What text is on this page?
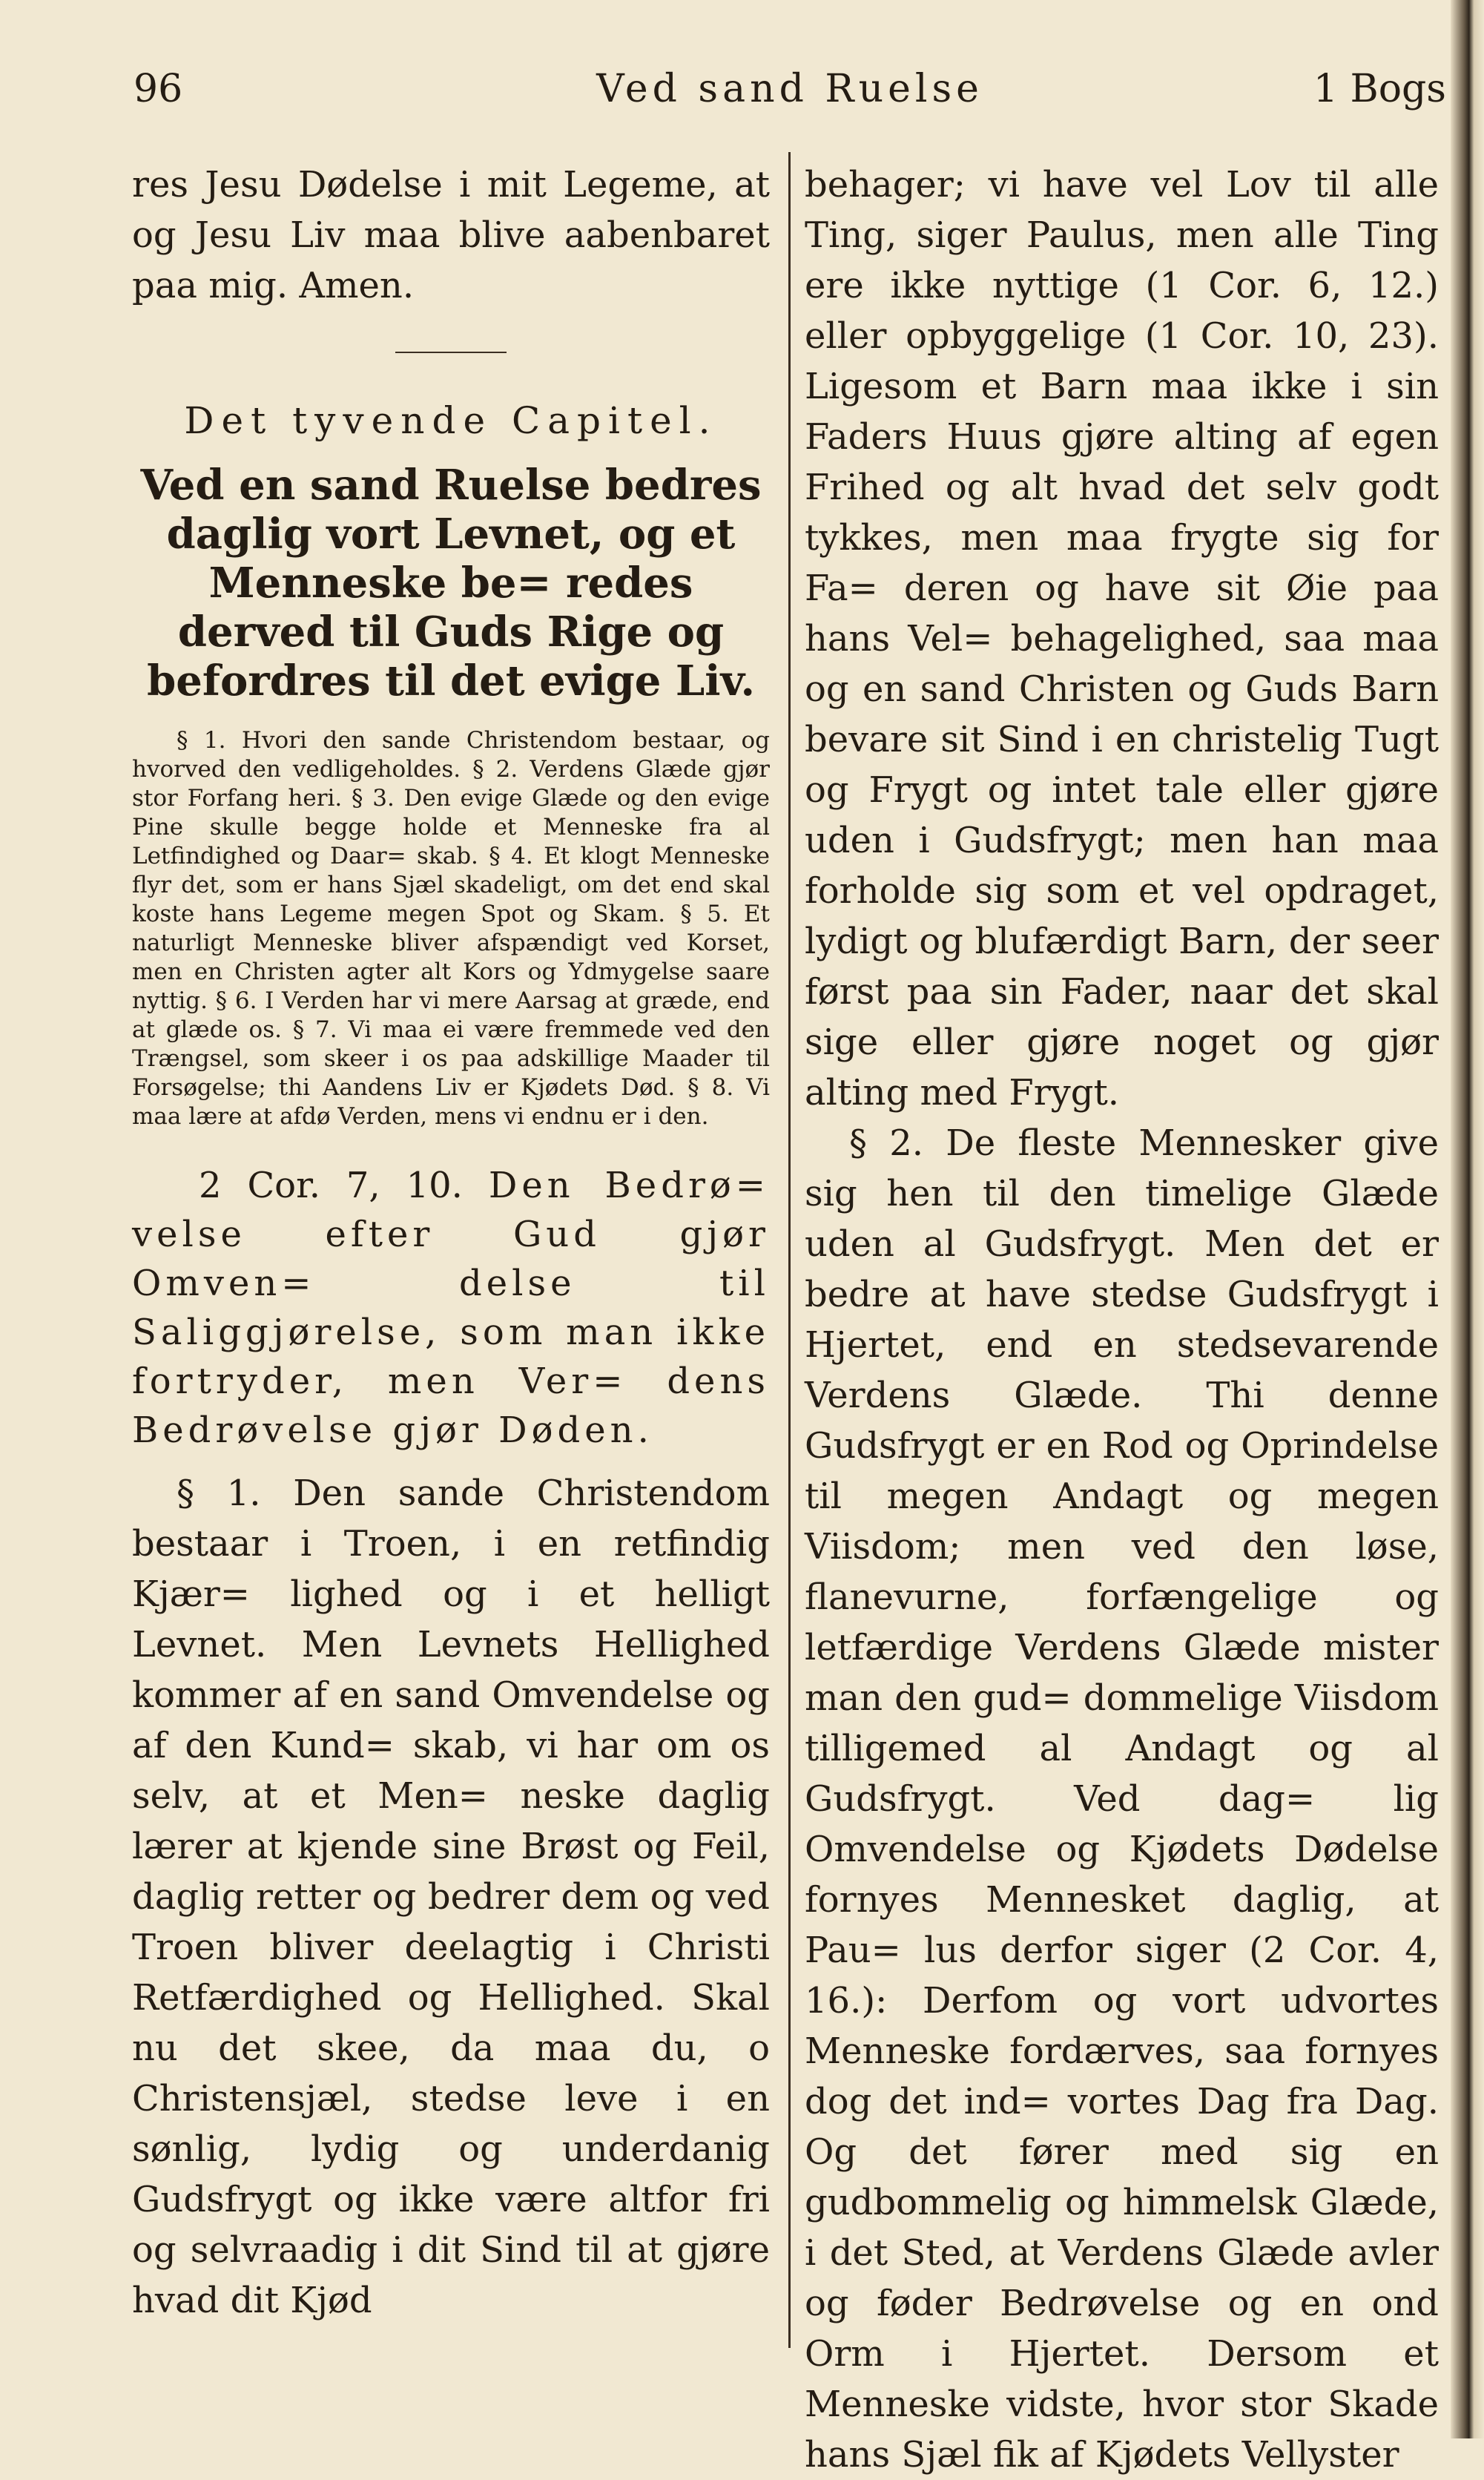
96	Ved sand Ruelse	1 Bogs

res Jesu Dødelse i mit Legeme, at og Jesu Liv maa blive aabenbaret paa mig. Amen.

Det tyvende Capitel.

Ved en sand Ruelse bedres daglig vort Levnet, og et Menneske be= redes derved til Guds Rige og befordres til det evige Liv.

§ 1. Hvori den sande Christendom bestaar, og hvorved den vedligeholdes. § 2. Verdens Glæde gjør stor Forfang heri. § 3. Den evige Glæde og den evige Pine skulle begge holde et Menneske fra al Letfindighed og Daar= skab. § 4. Et klogt Menneske flyr det, som er hans Sjæl skadeligt, om det end skal koste hans Legeme megen Spot og Skam. § 5. Et naturligt Menneske bliver afspændigt ved Korset, men en Christen agter alt Kors og Ydmygelse saare nyttig. § 6. I Verden har vi mere Aarsag at græde, end at glæde os. § 7. Vi maa ei være fremmede ved den Trængsel, som skeer i os paa adskillige Maader til Forsøgelse; thi Aandens Liv er Kjødets Død. § 8. Vi maa lære at afdø Verden, mens vi endnu er i den.

2 Cor. 7, 10. Den Bedrø= velse efter Gud gjør Omven= delse til Saliggjørelse, som man ikke fortryder, men Ver= dens Bedrøvelse gjør Døden.

§ 1. Den sande Christendom bestaar i Troen, i en retfindig Kjær= lighed og i et helligt Levnet. Men Levnets Hellighed kommer af en sand Omvendelse og af den Kund= skab, vi har om os selv, at et Men= neske daglig lærer at kjende sine Brøst og Feil, daglig retter og bedrer dem og ved Troen bliver deelagtig i Christi Retfærdighed og Hellighed. Skal nu det skee, da maa du, o Christensjæl, stedse leve i en sønlig, lydig og underdanig Gudsfrygt og ikke være altfor fri og selvraadig i dit Sind til at gjøre hvad dit Kjød

behager; vi have vel Lov til alle Ting, siger Paulus, men alle Ting ere ikke nyttige (1 Cor. 6, 12.) eller opbyggelige (1 Cor. 10, 23). Ligesom et Barn maa ikke i sin Faders Huus gjøre alting af egen Frihed og alt hvad det selv godt tykkes, men maa frygte sig for Fa= deren og have sit Øie paa hans Vel= behagelighed, saa maa og en sand Christen og Guds Barn bevare sit Sind i en christelig Tugt og Frygt og intet tale eller gjøre uden i Gudsfrygt; men han maa forholde sig som et vel opdraget, lydigt og blufærdigt Barn, der seer først paa sin Fader, naar det skal sige eller gjøre noget og gjør alting med Frygt.

§ 2. De fleste Mennesker give sig hen til den timelige Glæde uden al Gudsfrygt. Men det er bedre at have stedse Gudsfrygt i Hjertet, end en stedsevarende Verdens Glæde. Thi denne Gudsfrygt er en Rod og Oprindelse til megen Andagt og megen Viisdom; men ved den løse, flanevurne, forfængelige og letfærdige Verdens Glæde mister man den gud= dommelige Viisdom tilligemed al Andagt og al Gudsfrygt. Ved dag= lig Omvendelse og Kjødets Dødelse fornyes Mennesket daglig, at Pau= lus derfor siger (2 Cor. 4, 16.): Derfom og vort udvortes Menneske fordærves, saa fornyes dog det ind= vortes Dag fra Dag. Og det fører med sig en gudbommelig og himmelsk Glæde, i det Sted, at Verdens Glæde avler og føder Bedrøvelse og en ond Orm i Hjertet. Dersom et Menneske vidste, hvor stor Skade hans Sjæl fik af Kjødets Vellyster
